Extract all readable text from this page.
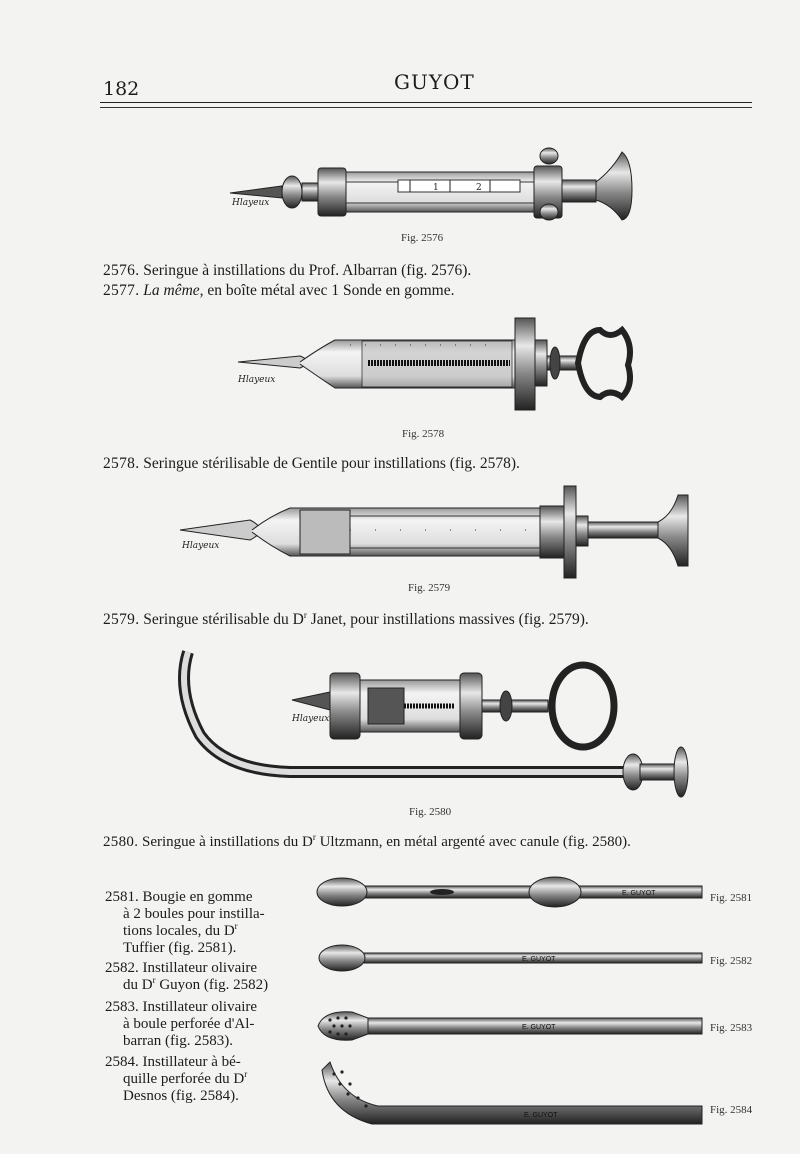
182	GUYOT
1	2
Hlayeux
Hlayeux
Hlayeux
Hlayeux
E. GUYOT
E. GUYOT
E. GUYOT
E. GUYOT
Fig. 2576
Fig. 2578
Fig. 2579
Fig. 2580
Fig. 2581
Fig. 2582
Fig. 2583
Fig. 2584
2576. Seringue à instillations du Prof. Albarran (fig. 2576).
2577. La même, en boîte métal avec 1 Sonde en gomme.
2578. Seringue stérilisable de Gentile pour instillations (fig. 2578).
2579. Seringue stérilisable du $D^r$ Janet, pour instillations massives (fig. 2579).
2580. Seringue à instillations du $D^r$ Ultzmann, en métal argenté avec canule (fig. 2580).
2581. Bougie en gomme
à 2 boules pour instilla-
tions locales, du $D^r$
Tuffier (fig. 2581).
2582. Instillateur olivaire
du $D^r$ Guyon (fig. 2582)
2583. Instillateur olivaire
à boule perforée d'Al-
barran (fig. 2583).
2584. Instillateur à bé-
quille perforée du $D^r$
Desnos (fig. 2584).
